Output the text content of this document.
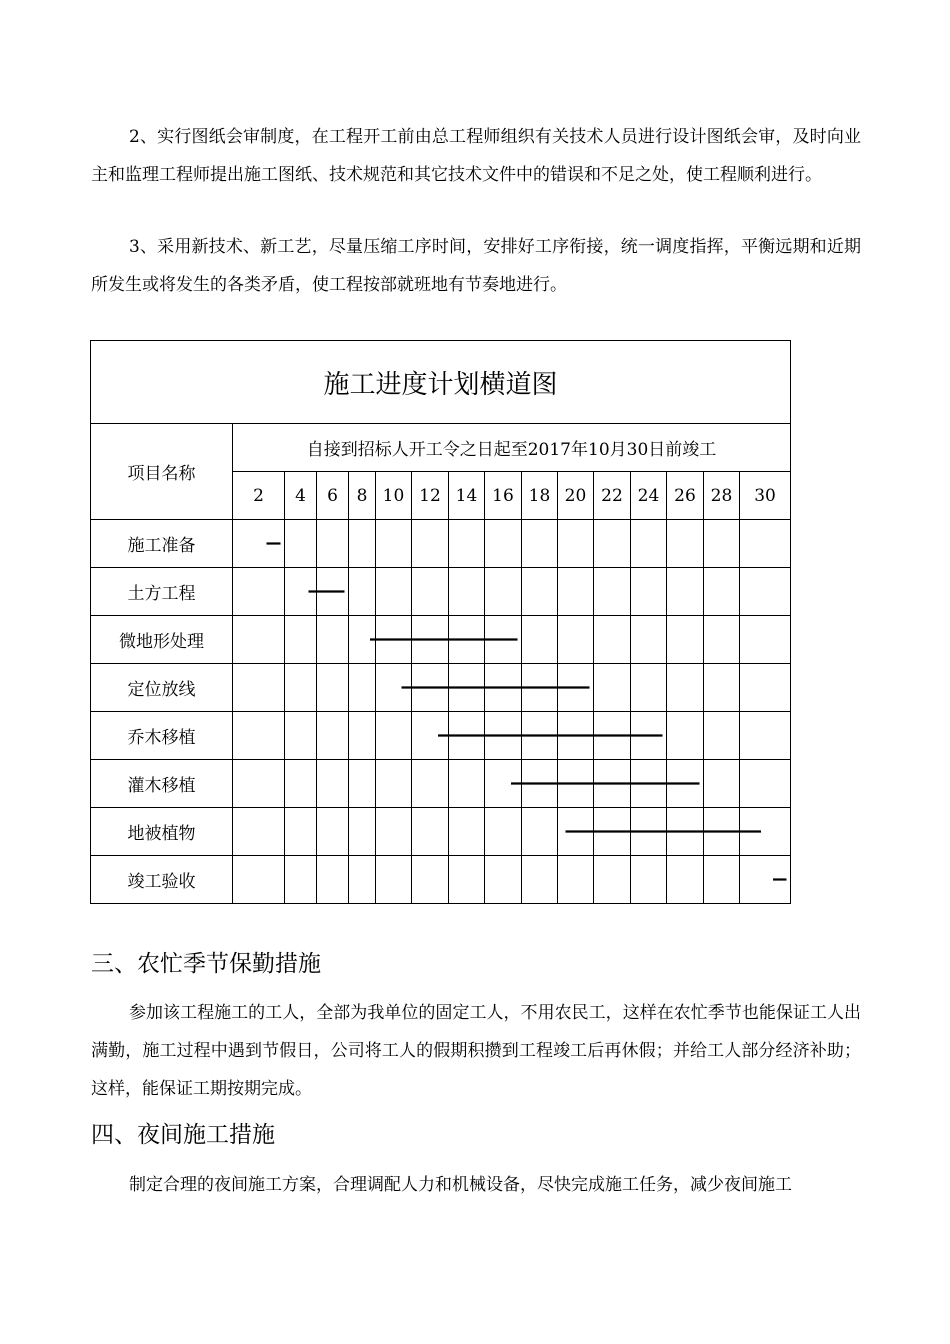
2、实行图纸会审制度，在工程开工前由总工程师组织有关技术人员进行设计图纸会审，及时向业主和监理工程师提出施工图纸、技术规范和其它技术文件中的错误和不足之处，使工程顺利进行。

3、采用新技术、新工艺，尽量压缩工序时间，安排好工序衔接，统一调度指挥，平衡远期和近期所发生或将发生的各类矛盾，使工程按部就班地有节奏地进行。

施工进度计划横道图															
项目名称	自接到招标人开工令之日起至2017年10月30日前竣工														
	2	4	6	8	10	12	14	16	18	20	22	24	26	28	30
施工准备															
土方工程															
微地形处理															
定位放线															
乔木移植															
灌木移植															
地被植物															
竣工验收															
三、农忙季节保勤措施

参加该工程施工的工人，全部为我单位的固定工人，不用农民工，这样在农忙季节也能保证工人出满勤，施工过程中遇到节假日，公司将工人的假期积攒到工程竣工后再休假；并给工人部分经济补助；这样，能保证工期按期完成。

四、夜间施工措施

制定合理的夜间施工方案，合理调配人力和机械设备，尽快完成施工任务，减少夜间施工
